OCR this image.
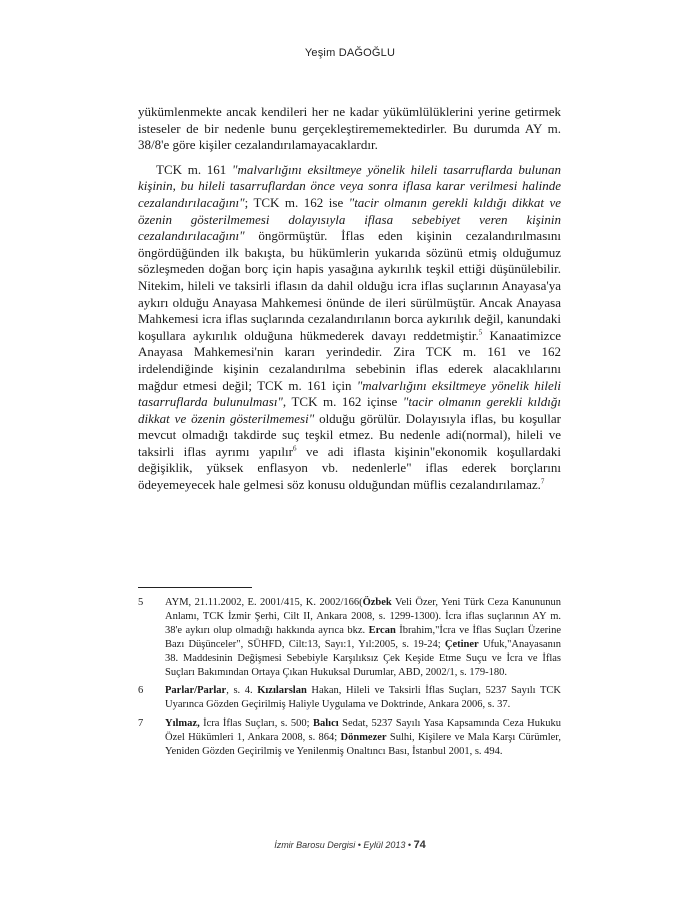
Yeşim DAĞOĞLU

yükümlenmekte ancak kendileri her ne kadar yükümlülüklerini yerine getirmek isteseler de bir nedenle bunu gerçekleştirememektedirler. Bu durumda AY m. 38/8'e göre kişiler cezalandırılamayacaklardır.

TCK m. 161 "malvarlığını eksiltmeye yönelik hileli tasarruflarda bulunan kişinin, bu hileli tasarruflardan önce veya sonra iflasa karar verilmesi halinde cezalandırılacağını"; TCK m. 162 ise "tacir olmanın gerekli kıldığı dikkat ve özenin gösterilmemesi dolayısıyla iflasa sebebiyet veren kişinin cezalandırılacağını" öngörmüştür. İflas eden kişinin cezalandırılmasını öngördüğünden ilk bakışta, bu hükümlerin yukarıda sözünü etmiş olduğumuz sözleşmeden doğan borç için hapis yasağına aykırılık teşkil ettiği düşünülebilir. Nitekim, hileli ve taksirli iflasın da dahil olduğu icra iflas suçlarının Anayasa'ya aykırı olduğu Anayasa Mahkemesi önünde de ileri sürülmüştür. Ancak Anayasa Mahkemesi icra iflas suçlarında cezalandırılanın borca aykırılık değil, kanundaki koşullara aykırılık olduğuna hükmederek davayı reddetmiştir.$^5$ Kanaatimizce Anayasa Mahkemesi'nin kararı yerindedir. Zira TCK m. 161 ve 162 irdelendiğinde kişinin cezalandırılma sebebinin iflas ederek alacaklılarını mağdur etmesi değil; TCK m. 161 için "malvarlığını eksiltmeye yönelik hileli tasarruflarda bulunulması", TCK m. 162 içinse "tacir olmanın gerekli kıldığı dikkat ve özenin gösterilmemesi" olduğu görülür. Dolayısıyla iflas, bu koşullar mevcut olmadığı takdirde suç teşkil etmez. Bu nedenle adi(normal), hileli ve taksirli iflas ayrımı yapılır$^6$ ve adi iflasta kişinin"ekonomik koşullardaki değişiklik, yüksek enflasyon vb. nedenlerle" iflas ederek borçlarını ödeyemeyecek hale gelmesi söz konusu olduğundan müflis cezalandırılamaz.$^7$

5	AYM, 21.11.2002, E. 2001/415, K. 2002/166(Özbek Veli Özer, Yeni Türk Ceza Kanununun Anlamı, TCK İzmir Şerhi, Cilt II, Ankara 2008, s. 1299-1300). İcra iflas suçlarının AY m. 38'e aykırı olup olmadığı hakkında ayrıca bkz. Ercan İbrahim,"İcra ve İflas Suçları Üzerine Bazı Düşünceler", SÜHFD, Cilt:13, Sayı:1, Yıl:2005, s. 19-24; Çetiner Ufuk,"Anayasanın 38. Maddesinin Değişmesi Sebebiyle Karşılıksız Çek Keşide Etme Suçu ve İcra ve İflas Suçları Bakımından Ortaya Çıkan Hukuksal Durumlar, ABD, 2002/1, s. 179-180.
6	Parlar/Parlar, s. 4. Kızılarslan Hakan, Hileli ve Taksirli İflas Suçları, 5237 Sayılı TCK Uyarınca Gözden Geçirilmiş Haliyle Uygulama ve Doktrinde, Ankara 2006, s. 37.
7	Yılmaz, İcra İflas Suçları, s. 500; Balıcı Sedat, 5237 Sayılı Yasa Kapsamında Ceza Hukuku Özel Hükümleri 1, Ankara 2008, s. 864; Dönmezer Sulhi, Kişilere ve Mala Karşı Cürümler, Yeniden Gözden Geçirilmiş ve Yenilenmiş Onaltıncı Bası, İstanbul 2001, s. 494.
İzmir Barosu Dergisi • Eylül 2013 • 74
